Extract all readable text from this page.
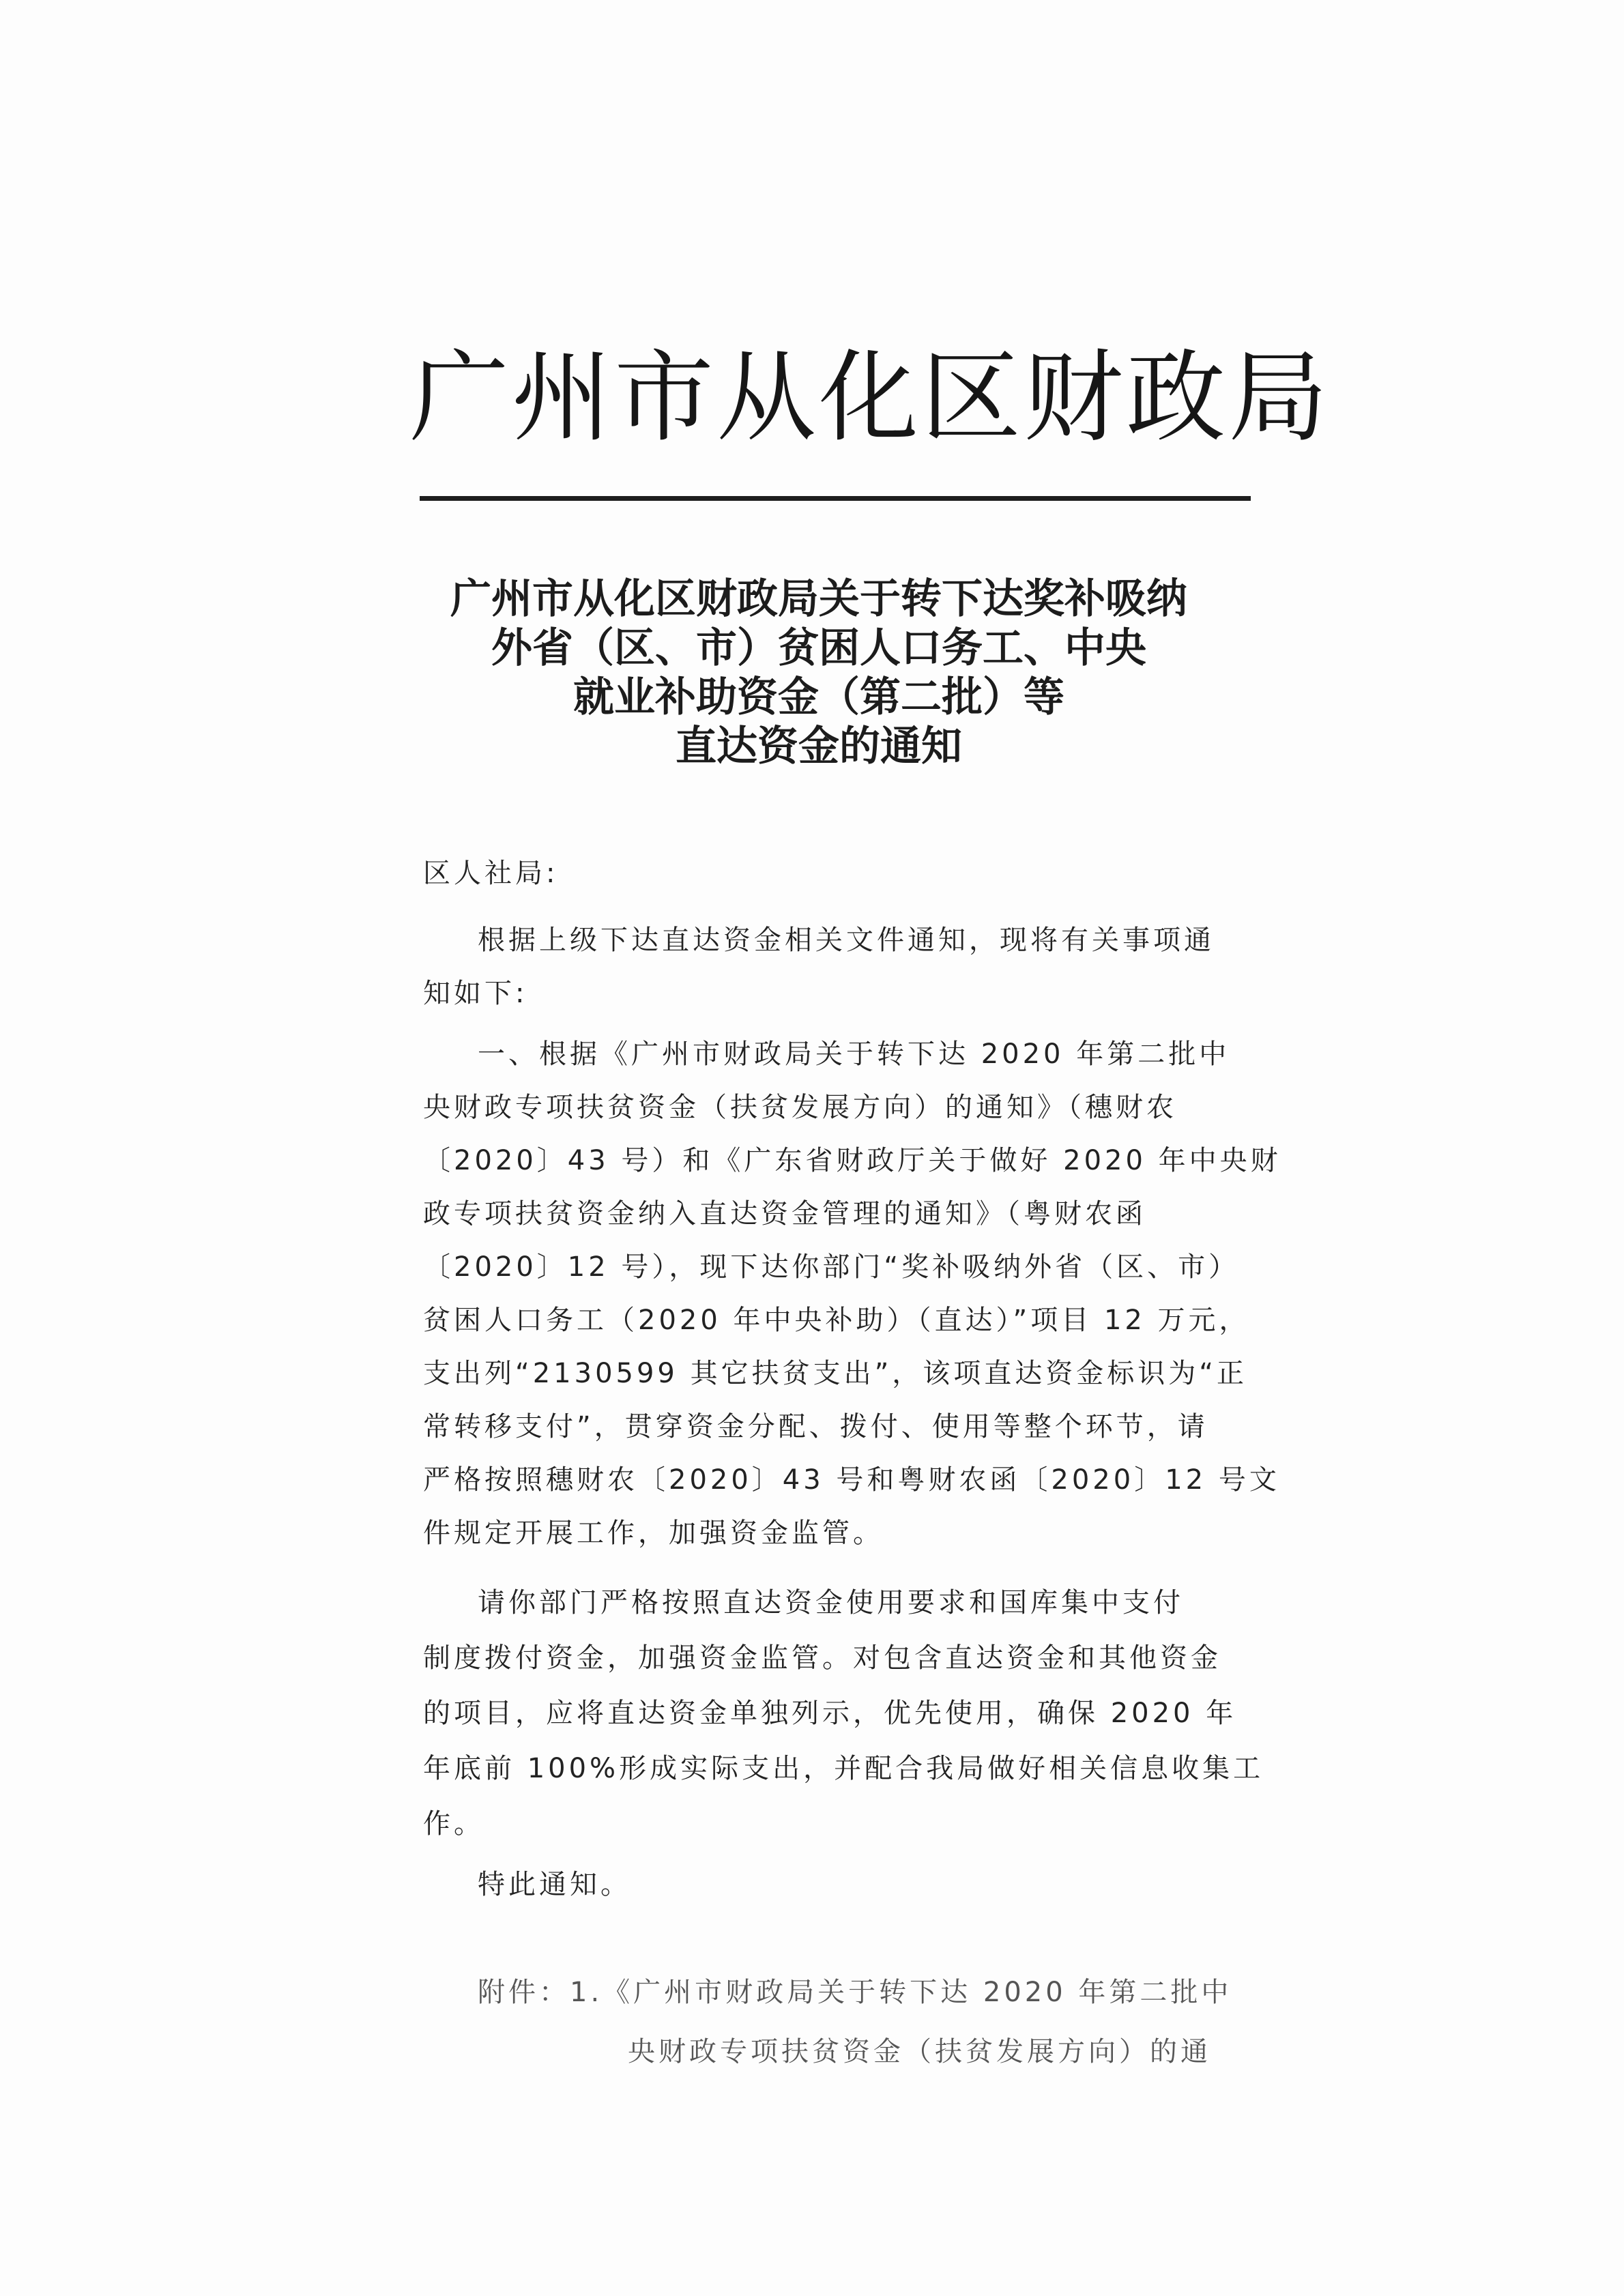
广州市从化区财政局
广州市从化区财政局关于转下达奖补吸纳
外省（区、市）贫困人口务工、中央
就业补助资金（第二批）等
直达资金的通知
区人社局:
根据上级下达直达资金相关文件通知，现将有关事项通
知如下:
一、根据《广州市财政局关于转下达 2020 年第二批中
央财政专项扶贫资金（扶贫发展方向）的通知》（穗财农
〔2020〕43 号）和《广东省财政厅关于做好 2020 年中央财
政专项扶贫资金纳入直达资金管理的通知》（粤财农函
〔2020〕12 号），现下达你部门“奖补吸纳外省（区、市）
贫困人口务工（2020 年中央补助）（直达）”项目 12 万元，
支出列“2130599 其它扶贫支出”，该项直达资金标识为“正
常转移支付”，贯穿资金分配、拨付、使用等整个环节，请
严格按照穗财农〔2020〕43 号和粤财农函〔2020〕12 号文
件规定开展工作，加强资金监管。
请你部门严格按照直达资金使用要求和国库集中支付
制度拨付资金，加强资金监管。对包含直达资金和其他资金
的项目，应将直达资金单独列示，优先使用，确保 2020 年
年底前 100%形成实际支出，并配合我局做好相关信息收集工
作。
特此通知。
附件：1.《广州市财政局关于转下达 2020 年第二批中
央财政专项扶贫资金（扶贫发展方向）的通
